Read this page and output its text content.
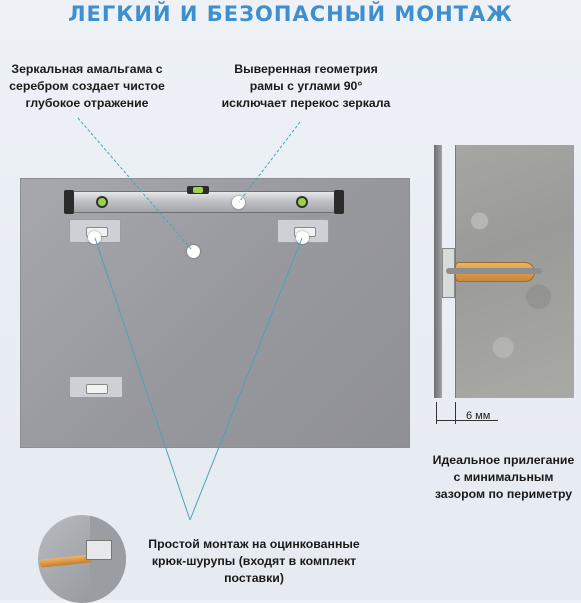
ЛЕГКИЙ И БЕЗОПАСНЫЙ МОНТАЖ
Зеркальная амальгама с
серебром создает чистое
глубокое отражение
Выверенная геометрия
рамы с углами 90°
исключает перекос зеркала
6 мм
Идеальное прилегание
с минимальным
зазором по периметру
Простой монтаж на оцинкованные
крюк-шурупы (входят в комплект
поставки)
